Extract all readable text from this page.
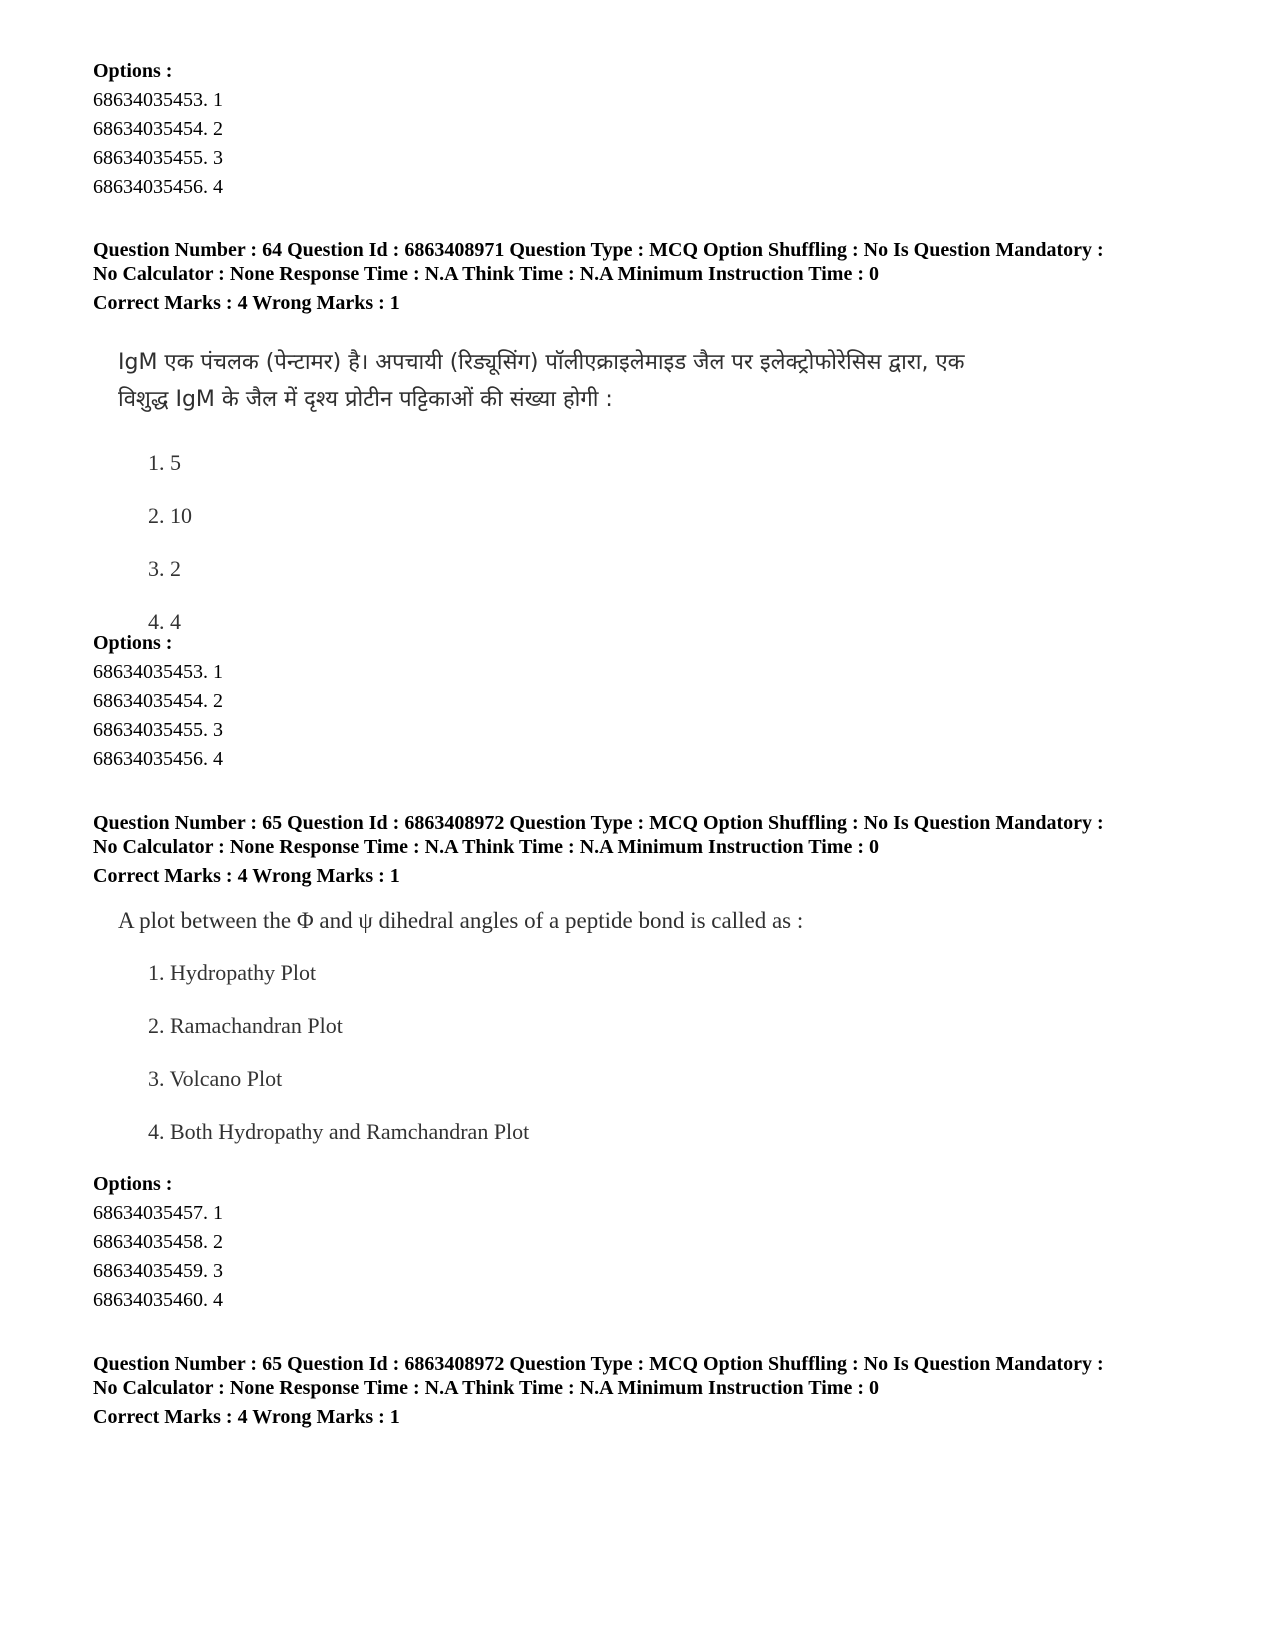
Options :

68634035453. 1

68634035454. 2

68634035455. 3

68634035456. 4

Question Number : 64 Question Id : 6863408971 Question Type : MCQ Option Shuffling : No Is Question Mandatory :

No Calculator : None Response Time : N.A Think Time : N.A Minimum Instruction Time : 0

Correct Marks : 4 Wrong Marks : 1

IgM एक पंचलक (पेन्टामर) है। अपचायी (रिड्यूसिंग) पॉलीएक्राइलेमाइड जैल पर इलेक्ट्रोफोरेसिस द्वारा, एक

विशुद्ध IgM के जैल में दृश्य प्रोटीन पट्टिकाओं की संख्या होगी :

1. 5
2. 10
3. 2
4. 4

Options :

68634035453. 1

68634035454. 2

68634035455. 3

68634035456. 4

Question Number : 65 Question Id : 6863408972 Question Type : MCQ Option Shuffling : No Is Question Mandatory :

No Calculator : None Response Time : N.A Think Time : N.A Minimum Instruction Time : 0

Correct Marks : 4 Wrong Marks : 1

A plot between the Φ and ψ dihedral angles of a peptide bond is called as :

1. Hydropathy Plot
2. Ramachandran Plot
3. Volcano Plot
4. Both Hydropathy and Ramchandran Plot

Options :

68634035457. 1

68634035458. 2

68634035459. 3

68634035460. 4

Question Number : 65 Question Id : 6863408972 Question Type : MCQ Option Shuffling : No Is Question Mandatory :

No Calculator : None Response Time : N.A Think Time : N.A Minimum Instruction Time : 0

Correct Marks : 4 Wrong Marks : 1
